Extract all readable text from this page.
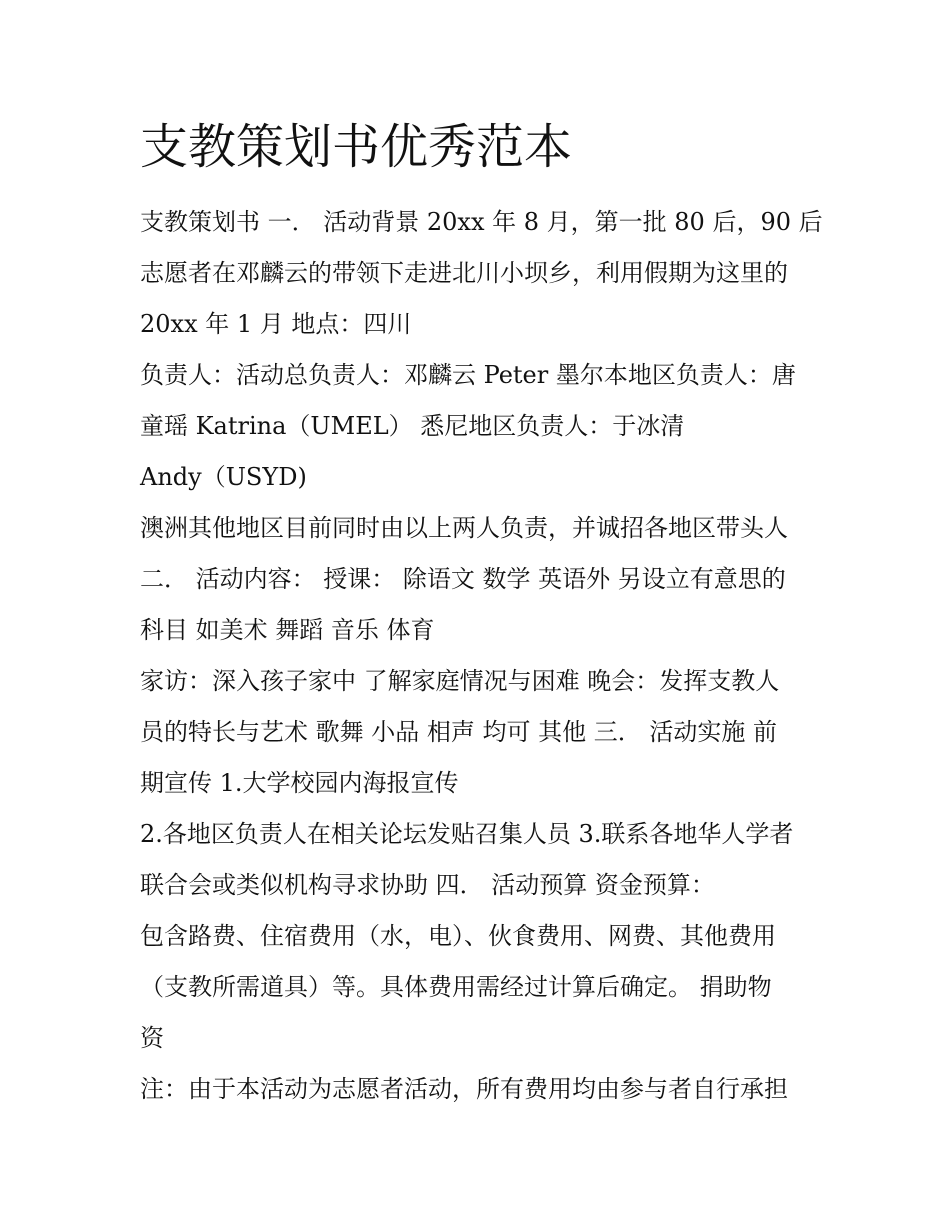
支教策划书优秀范本

支教策划书 一． 活动背景 20xx 年 8 月，第一批 80 后，90 后

志愿者在邓麟云的带领下走进北川小坝乡，利用假期为这里的

20xx 年 1 月 地点：四川

负责人：活动总负责人：邓麟云 Peter 墨尔本地区负责人：唐

童瑶 Katrina（UMEL） 悉尼地区负责人：于冰清

Andy（USYD)

澳洲其他地区目前同时由以上两人负责，并诚招各地区带头人

二． 活动内容： 授课： 除语文 数学 英语外 另设立有意思的

科目 如美术 舞蹈 音乐 体育

家访：深入孩子家中 了解家庭情况与困难 晚会：发挥支教人

员的特长与艺术 歌舞 小品 相声 均可 其他 三． 活动实施 前

期宣传 1.大学校园内海报宣传

2.各地区负责人在相关论坛发贴召集人员 3.联系各地华人学者

联合会或类似机构寻求协助 四． 活动预算 资金预算：

包含路费、住宿费用（水，电）、伙食费用、网费、其他费用

（支教所需道具）等。具体费用需经过计算后确定。 捐助物

资

注：由于本活动为志愿者活动，所有费用均由参与者自行承担
